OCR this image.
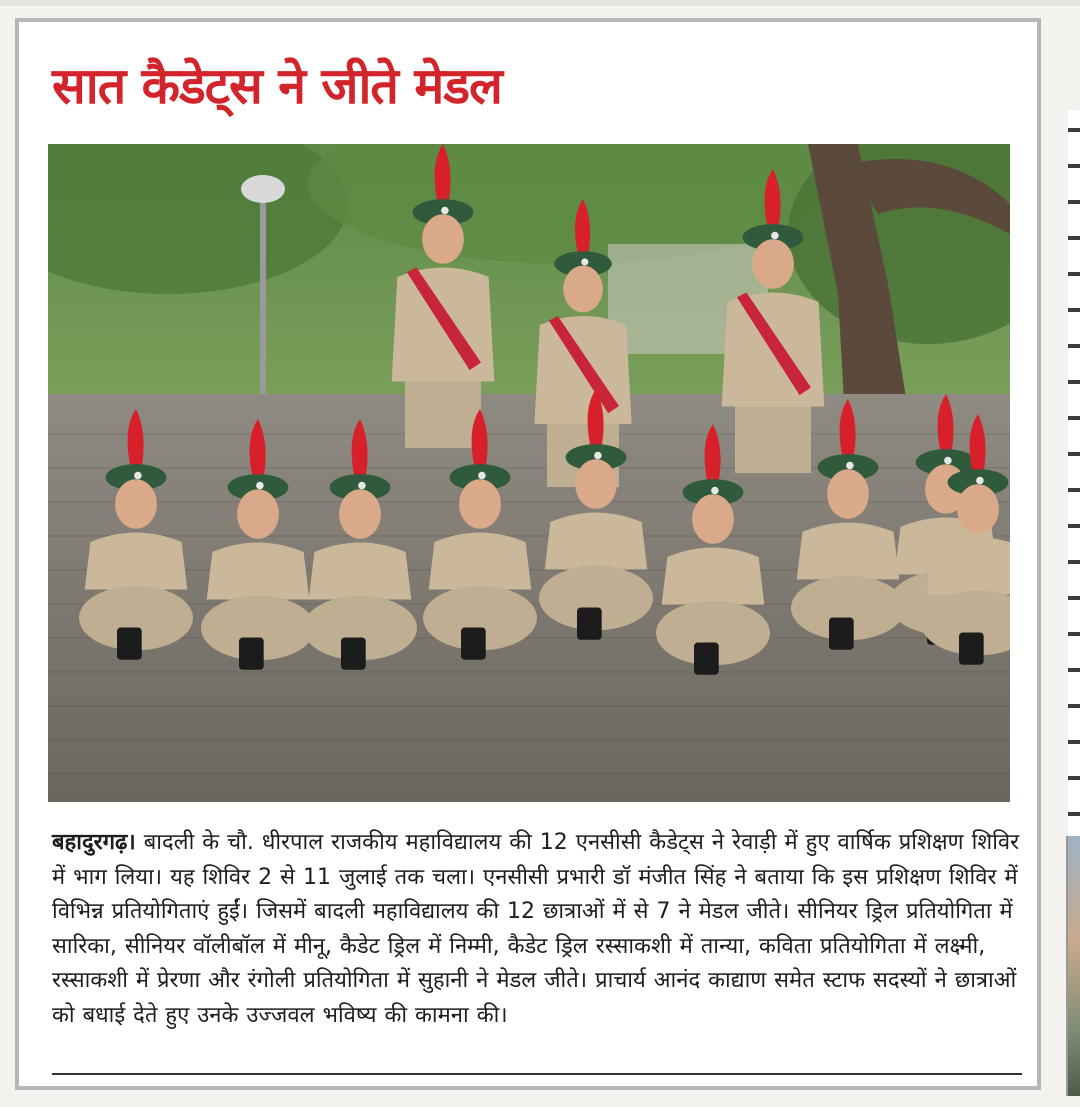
सात कैडेट्स ने जीते मेडल

बहादुरगढ़। बादली के चौ. धीरपाल राजकीय महाविद्यालय की 12 एनसीसी कैडेट्स ने रेवाड़ी में हुए वार्षिक प्रशिक्षण शिविर में भाग लिया। यह शिविर 2 से 11 जुलाई तक चला। एनसीसी प्रभारी डॉ मंजीत सिंह ने बताया कि इस प्रशिक्षण शिविर में विभिन्न प्रतियोगिताएं हुईं। जिसमें बादली महाविद्यालय की 12 छात्राओं में से 7 ने मेडल जीते। सीनियर ड्रिल प्रतियोगिता में सारिका, सीनियर वॉलीबॉल में मीनू, कैडेट ड्रिल में निम्मी, कैडेट ड्रिल रस्साकशी में तान्या, कविता प्रतियोगिता में लक्ष्मी, रस्साकशी में प्रेरणा और रंगोली प्रतियोगिता में सुहानी ने मेडल जीते। प्राचार्य आनंद काद्याण समेत स्टाफ सदस्यों ने छात्राओं को बधाई देते हुए उनके उज्जवल भविष्य की कामना की।
